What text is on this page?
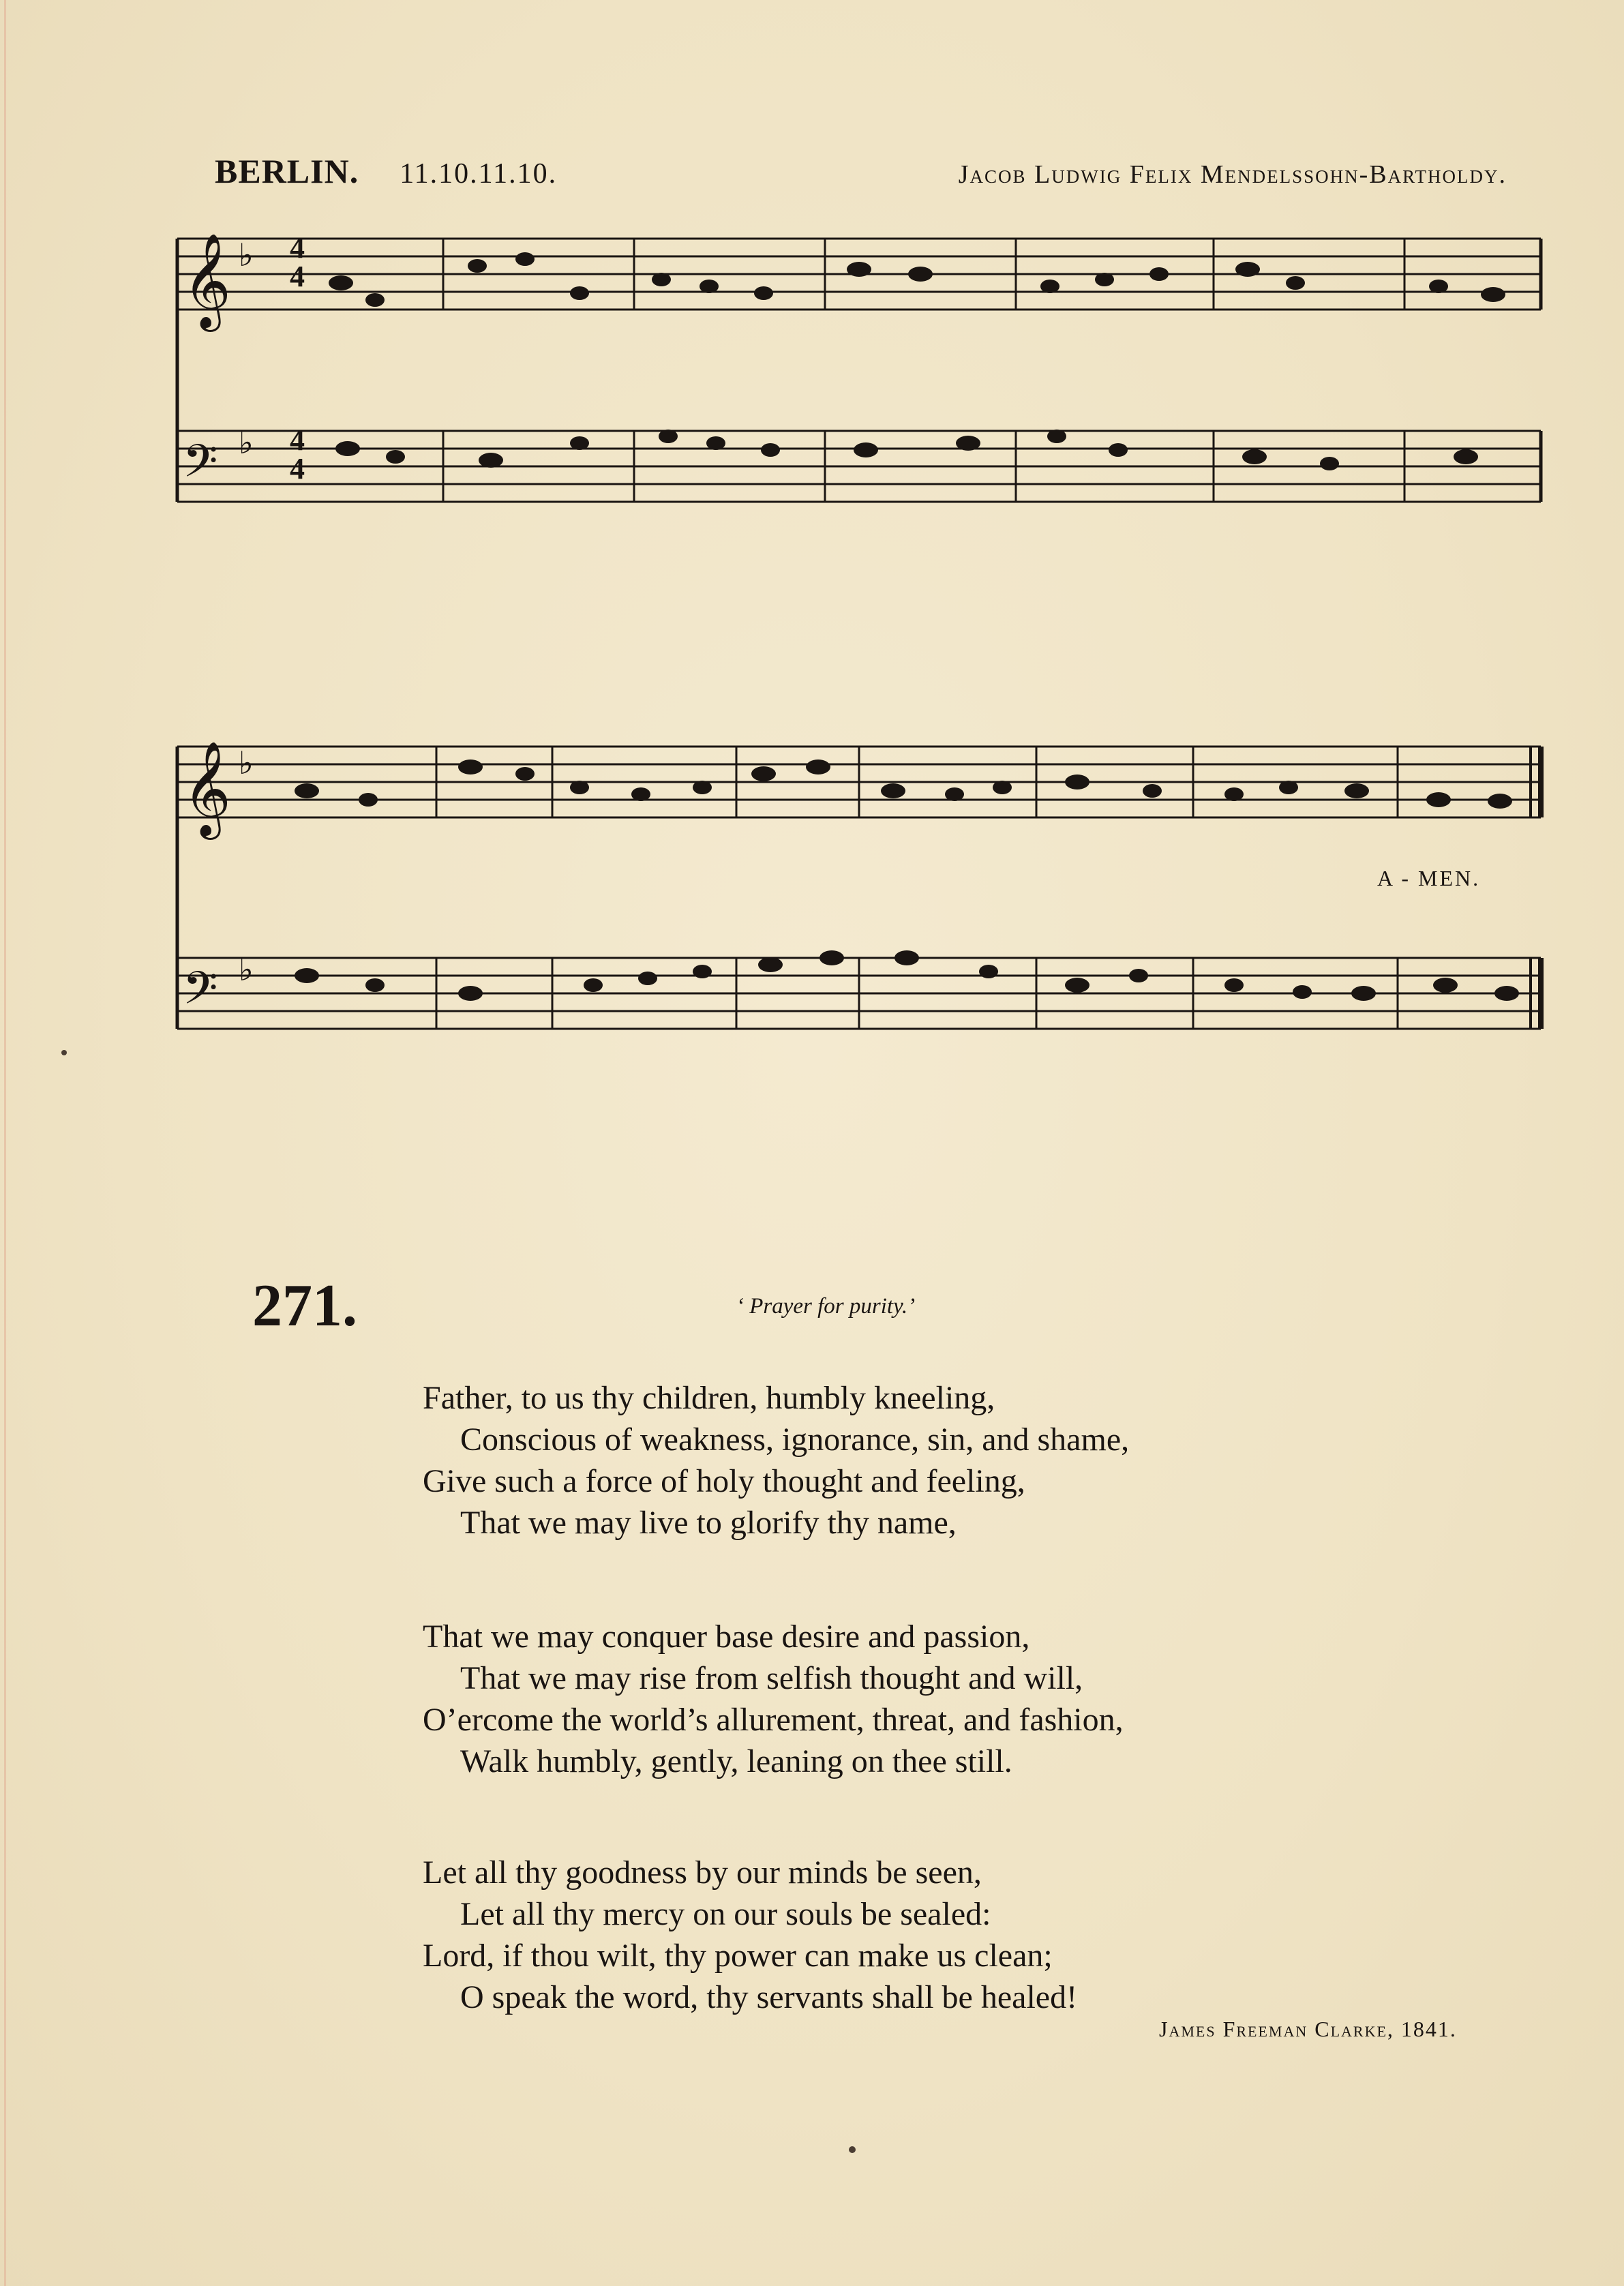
BERLIN. 11.10.11.10.	Jacob Ludwig Felix Mendelssohn-Bartholdy.
𝄞
𝄢
♭
♭
4
4
4
4
𝄞
𝄢
♭
♭
A - MEN.
271.	‘ Prayer for purity.’
Father, to us thy children, humbly kneeling,
Conscious of weakness, ignorance, sin, and shame,
Give such a force of holy thought and feeling,
That we may live to glorify thy name,
That we may conquer base desire and passion,
That we may rise from selfish thought and will,
O’ercome the world’s allurement, threat, and fashion,
Walk humbly, gently, leaning on thee still.
Let all thy goodness by our minds be seen,
Let all thy mercy on our souls be sealed:
Lord, if thou wilt, thy power can make us clean;
O speak the word, thy servants shall be healed!
James Freeman Clarke, 1841.
